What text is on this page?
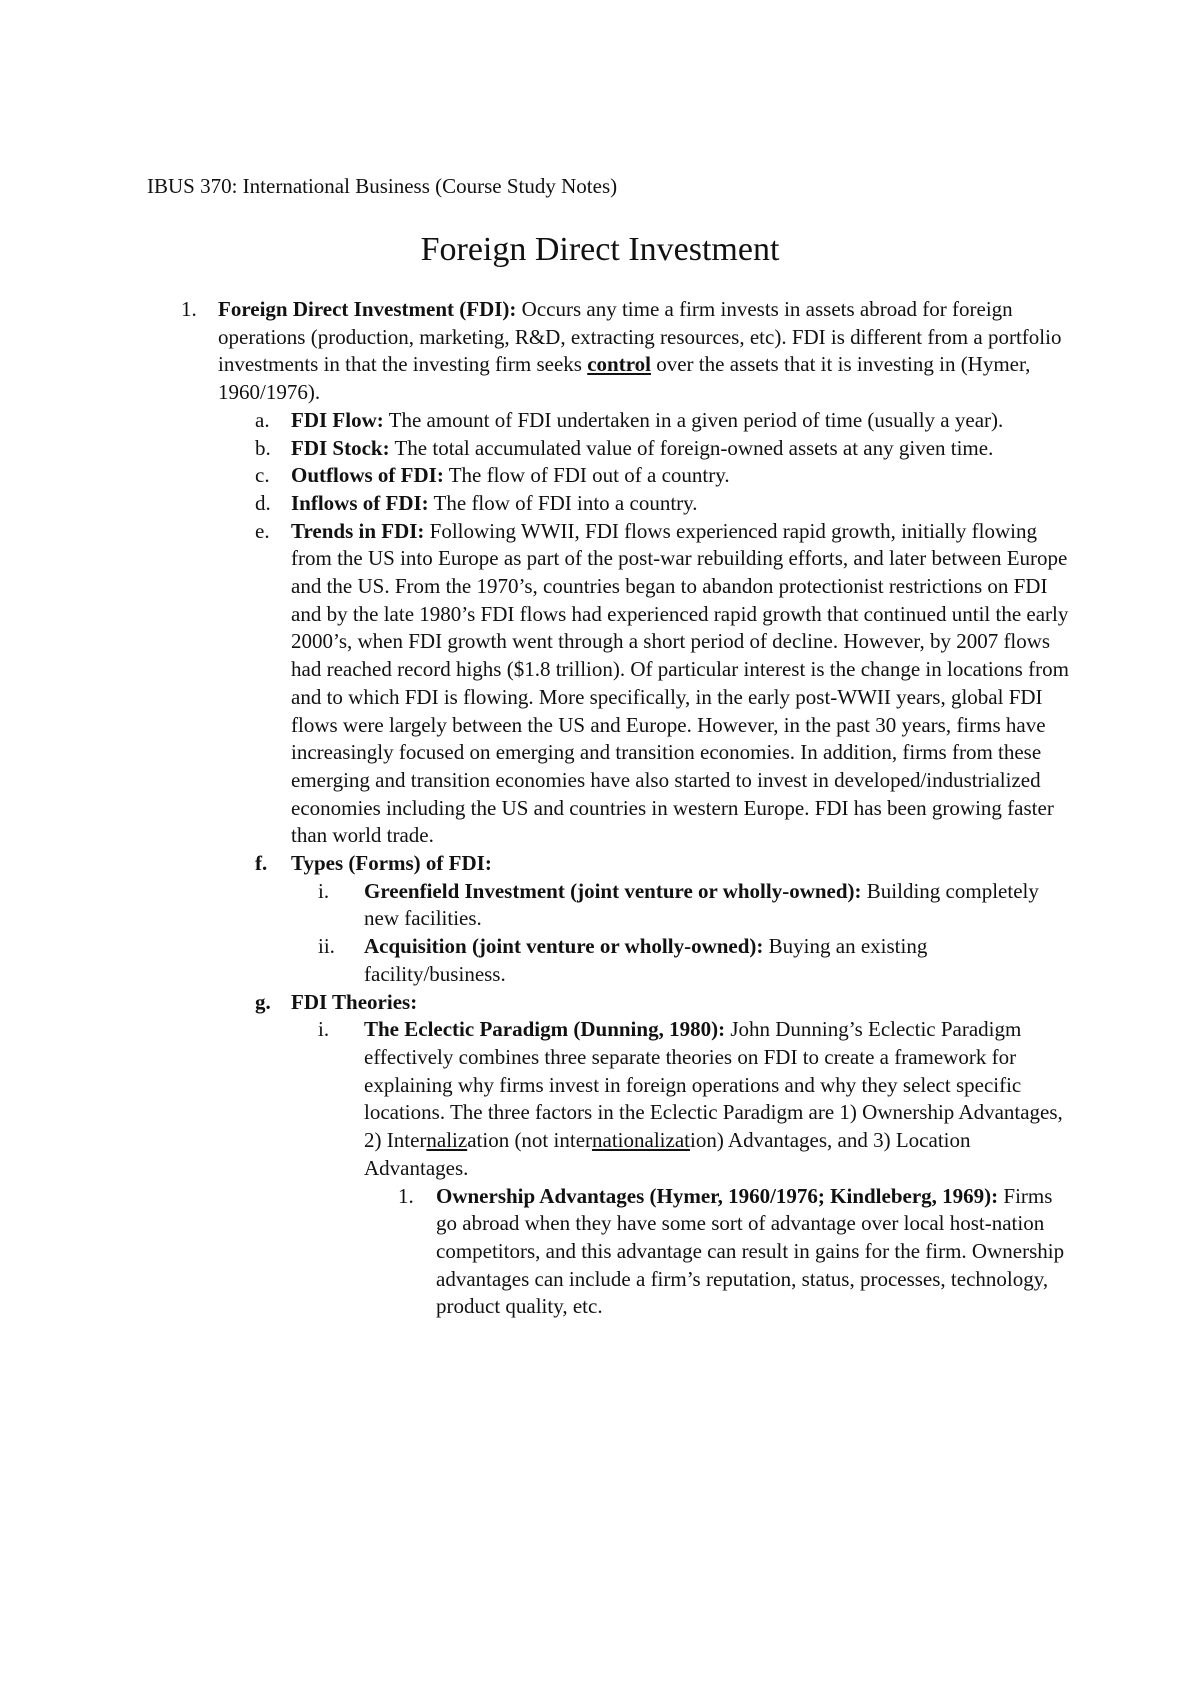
IBUS 370: International Business (Course Study Notes)
Foreign Direct Investment
1. Foreign Direct Investment (FDI): Occurs any time a firm invests in assets abroad for foreign operations (production, marketing, R&D, extracting resources, etc). FDI is different from a portfolio investments in that the investing firm seeks control over the assets that it is investing in (Hymer, 1960/1976).
a. FDI Flow: The amount of FDI undertaken in a given period of time (usually a year).
b. FDI Stock: The total accumulated value of foreign-owned assets at any given time.
c. Outflows of FDI: The flow of FDI out of a country.
d. Inflows of FDI: The flow of FDI into a country.
e. Trends in FDI: Following WWII, FDI flows experienced rapid growth, initially flowing from the US into Europe as part of the post-war rebuilding efforts, and later between Europe and the US. From the 1970’s, countries began to abandon protectionist restrictions on FDI and by the late 1980’s FDI flows had experienced rapid growth that continued until the early 2000’s, when FDI growth went through a short period of decline. However, by 2007 flows had reached record highs ($1.8 trillion). Of particular interest is the change in locations from and to which FDI is flowing. More specifically, in the early post-WWII years, global FDI flows were largely between the US and Europe. However, in the past 30 years, firms have increasingly focused on emerging and transition economies. In addition, firms from these emerging and transition economies have also started to invest in developed/industrialized economies including the US and countries in western Europe. FDI has been growing faster than world trade.
f. Types (Forms) of FDI:
i. Greenfield Investment (joint venture or wholly-owned): Building completely new facilities.
ii. Acquisition (joint venture or wholly-owned): Buying an existing facility/business.
g. FDI Theories:
i. The Eclectic Paradigm (Dunning, 1980): John Dunning’s Eclectic Paradigm effectively combines three separate theories on FDI to create a framework for explaining why firms invest in foreign operations and why they select specific locations. The three factors in the Eclectic Paradigm are 1) Ownership Advantages, 2) Internalization (not internationalization) Advantages, and 3) Location Advantages.
1. Ownership Advantages (Hymer, 1960/1976; Kindleberg, 1969): Firms go abroad when they have some sort of advantage over local host-nation competitors, and this advantage can result in gains for the firm. Ownership advantages can include a firm’s reputation, status, processes, technology, product quality, etc.
